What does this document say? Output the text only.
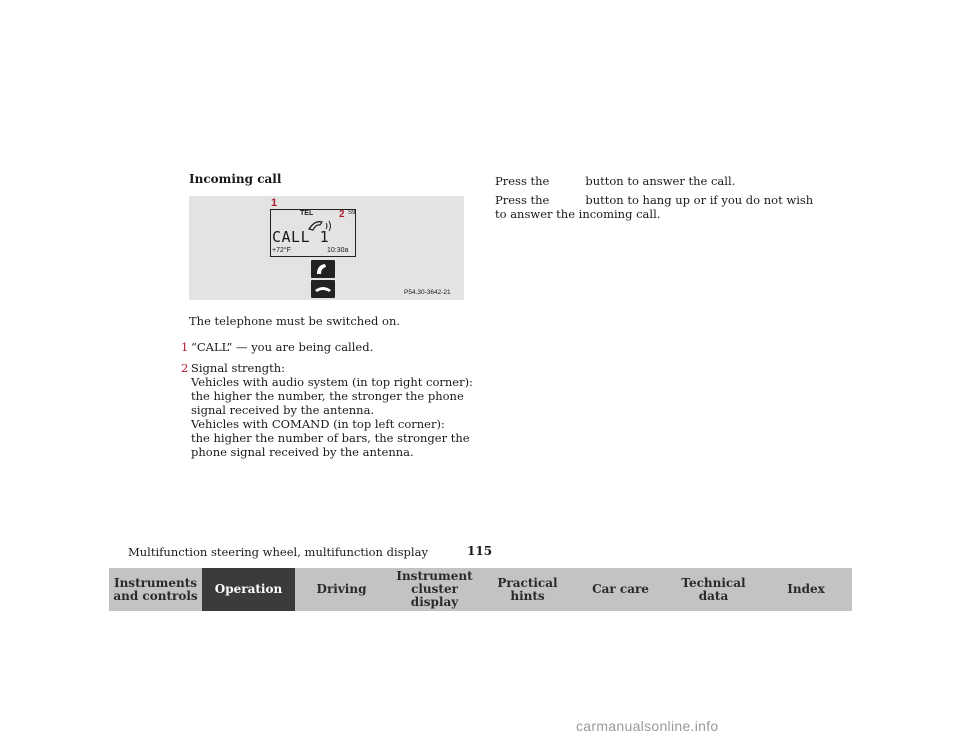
Incoming call
1
TEL	2 S9
CALL 1
+72°F	10:30a
P54.30-3642-21
The telephone must be switched on.
1 “CALL” — you are being called.
2 Signal strength:
Vehicles with audio system (in top right corner):
the higher the number, the stronger the phone
signal received by the antenna.
Vehicles with COMAND (in top left corner):
the higher the number of bars, the stronger the
phone signal received by the antenna.
Press the	button to answer the call.
Press the	button to hang up or if you do not wish
to answer the incoming call.
Multifunction steering wheel, multifunction display	115
Instruments
and controls Operation	Driving
Instrument
cluster display
Practical hints	Car care	Technical
data	Index
carmanualsonline.info
